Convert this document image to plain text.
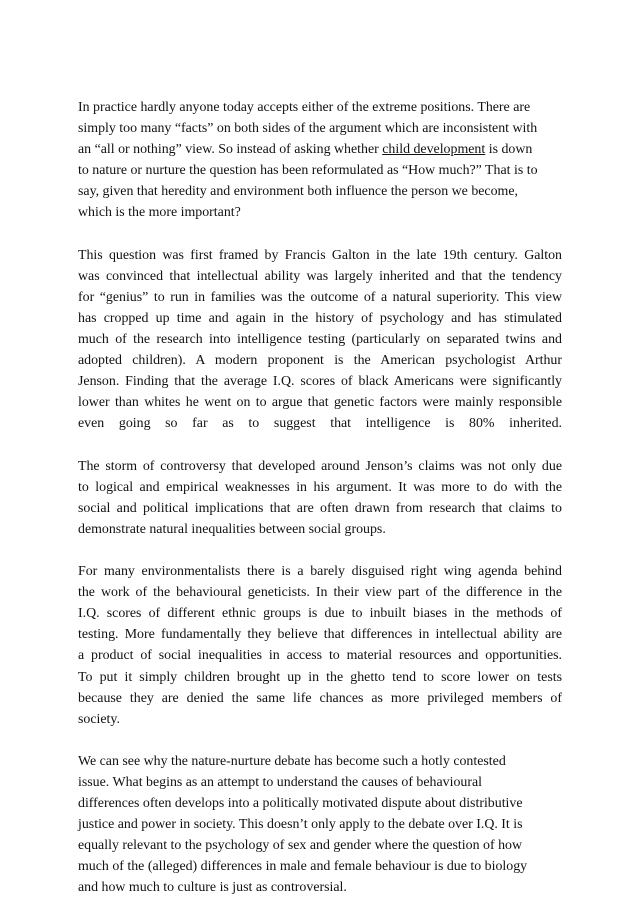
In practice hardly anyone today accepts either of the extreme positions. There are
simply too many “facts” on both sides of the argument which are inconsistent with
an “all or nothing” view. So instead of asking whether child development is down
to nature or nurture the question has been reformulated as “How much?” That is to
say, given that heredity and environment both influence the person we become,
which is the more important?
This question was first framed by Francis Galton in the late 19th century. Galton
was convinced that intellectual ability was largely inherited and that the tendency
for “genius” to run in families was the outcome of a natural superiority. This view
has cropped up time and again in the history of psychology and has stimulated
much of the research into intelligence testing (particularly on separated twins and
adopted children). A modern proponent is the American psychologist Arthur
Jenson. Finding that the average I.Q. scores of black Americans were significantly
lower than whites he went on to argue that genetic factors were mainly responsible
even going so far as to suggest that intelligence is 80% inherited.
The storm of controversy that developed around Jenson’s claims was not only due
to logical and empirical weaknesses in his argument. It was more to do with the
social and political implications that are often drawn from research that claims to
demonstrate natural inequalities between social groups.
For many environmentalists there is a barely disguised right wing agenda behind
the work of the behavioural geneticists. In their view part of the difference in the
I.Q. scores of different ethnic groups is due to inbuilt biases in the methods of
testing. More fundamentally they believe that differences in intellectual ability are
a product of social inequalities in access to material resources and opportunities.
To put it simply children brought up in the ghetto tend to score lower on tests
because they are denied the same life chances as more privileged members of
society.
We can see why the nature-nurture debate has become such a hotly contested
issue. What begins as an attempt to understand the causes of behavioural
differences often develops into a politically motivated dispute about distributive
justice and power in society. This doesn’t only apply to the debate over I.Q. It is
equally relevant to the psychology of sex and gender where the question of how
much of the (alleged) differences in male and female behaviour is due to biology
and how much to culture is just as controversial.
